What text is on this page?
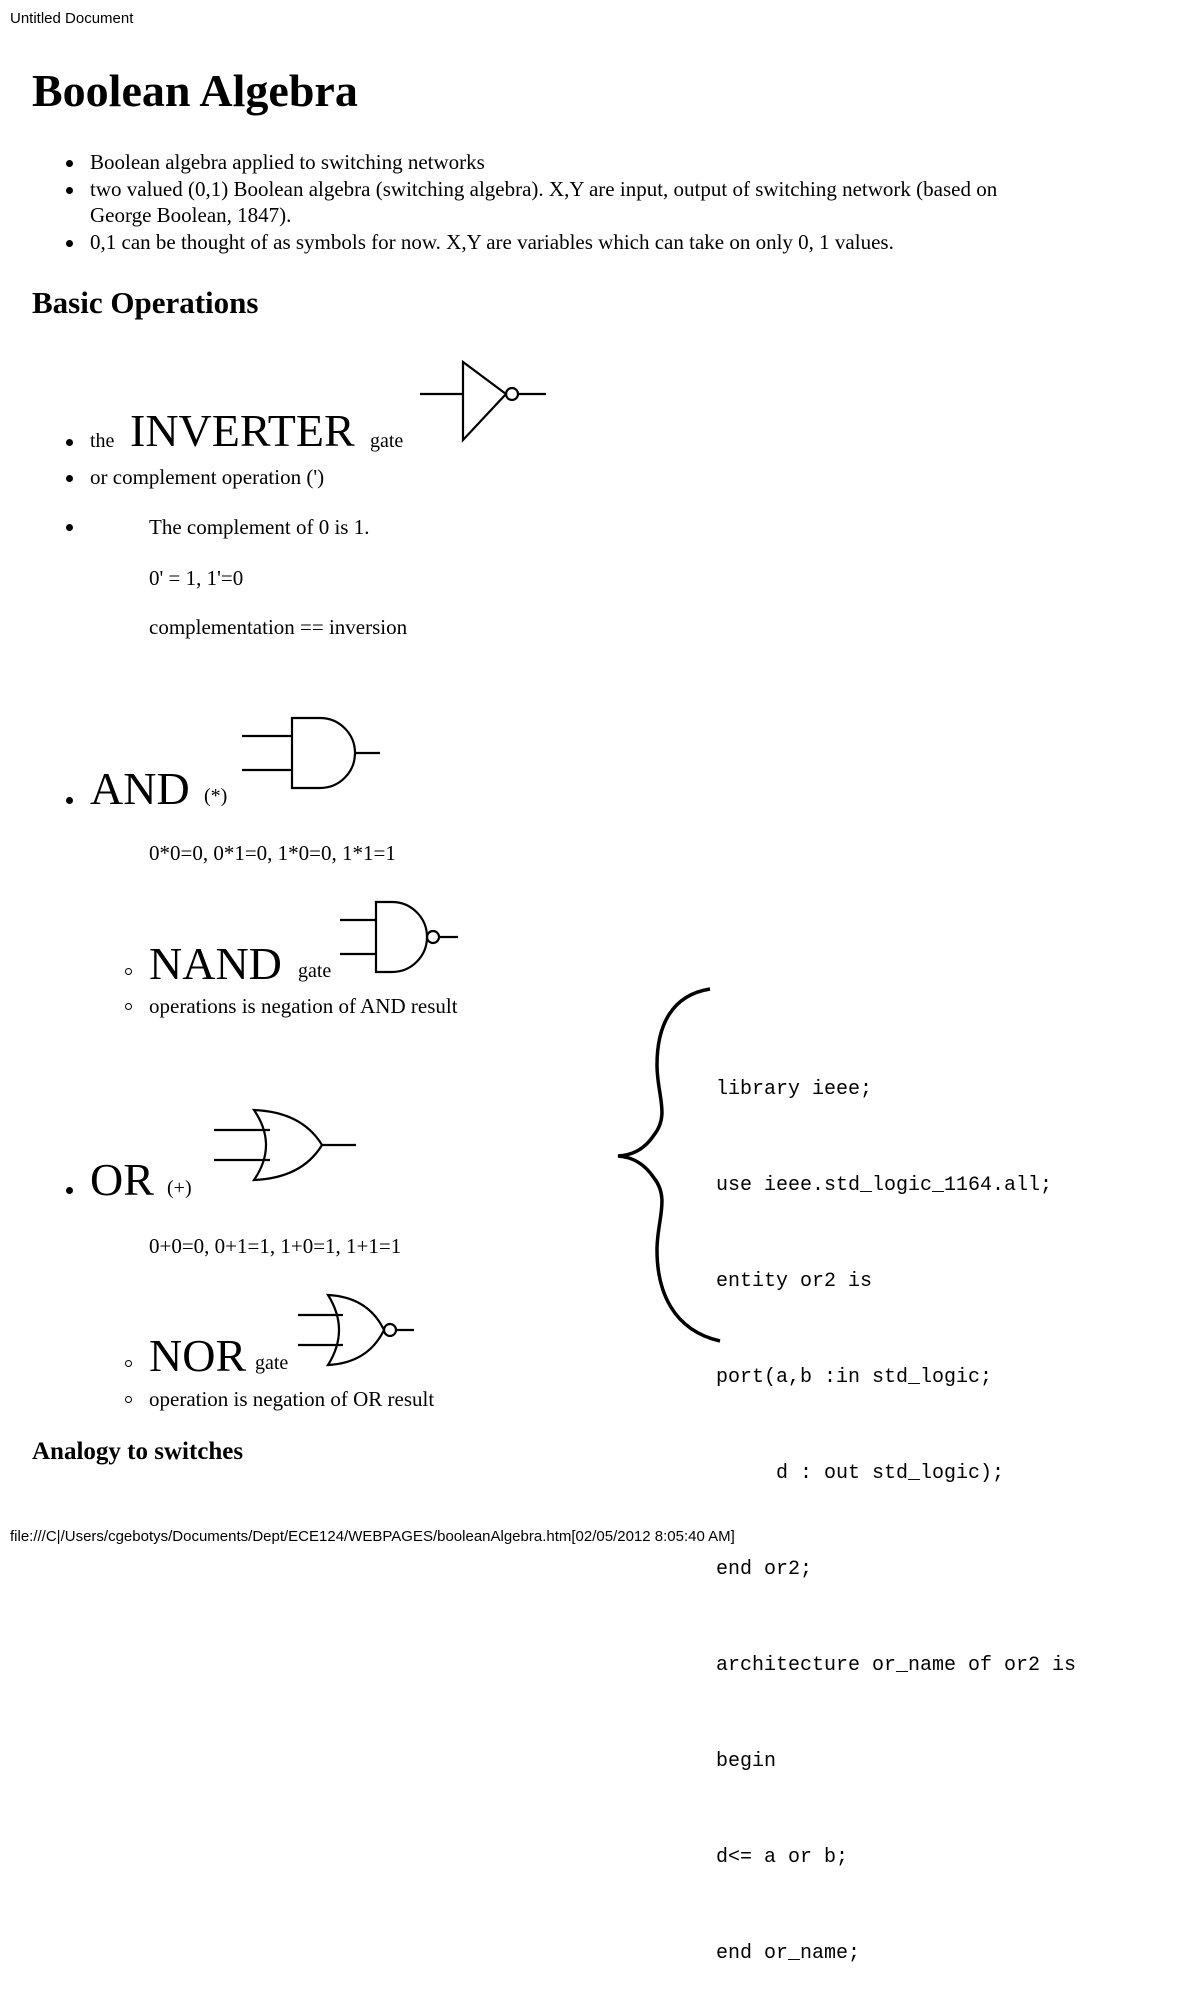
Untitled Document
Boolean Algebra
Boolean algebra applied to switching networks
two valued (0,1) Boolean algebra (switching algebra). X,Y are input, output of switching network (based on
George Boolean, 1847).
0,1 can be thought of as symbols for now. X,Y are variables which can take on only 0, 1 values.
Basic Operations
the INVERTER gate
or complement operation (')
The complement of 0 is 1.
0' = 1, 1'=0
complementation == inversion
AND (*)
0*0=0, 0*1=0, 1*0=0, 1*1=1
NAND gate
operations is negation of AND result
OR (+)
0+0=0, 0+1=1, 1+0=1, 1+1=1
NOR gate
operation is negation of OR result

library ieee;

use ieee.std_logic_1164.all;

entity or2 is

port(a,b :in std_logic;

d : out std_logic);

end or2;

architecture or_name of or2 is

begin

d<= a or b;

end or_name;

Analogy to switches
file:///C|/Users/cgebotys/Documents/Dept/ECE124/WEBPAGES/booleanAlgebra.htm[02/05/2012 8:05:40 AM]
